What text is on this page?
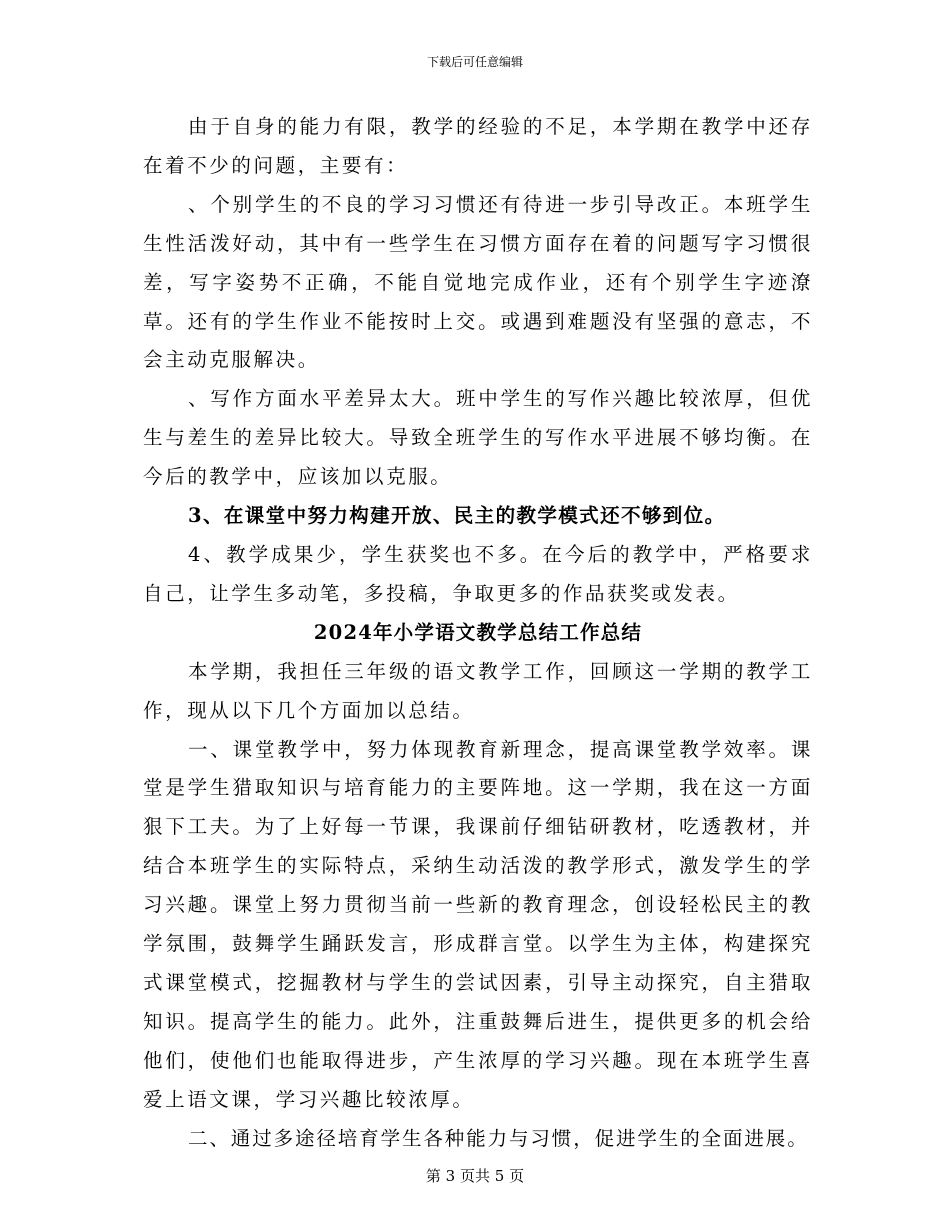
下载后可任意编辑

由于自身的能力有限，教学的经验的不足，本学期在教学中还存在着不少的问题，主要有：

、个别学生的不良的学习习惯还有待进一步引导改正。本班学生生性活泼好动，其中有一些学生在习惯方面存在着的问题写字习惯很差，写字姿势不正确，不能自觉地完成作业，还有个别学生字迹潦草。还有的学生作业不能按时上交。或遇到难题没有坚强的意志，不会主动克服解决。

、写作方面水平差异太大。班中学生的写作兴趣比较浓厚，但优生与差生的差异比较大。导致全班学生的写作水平进展不够均衡。在今后的教学中，应该加以克服。

3、在课堂中努力构建开放、民主的教学模式还不够到位。

4、教学成果少，学生获奖也不多。在今后的教学中，严格要求自己，让学生多动笔，多投稿，争取更多的作品获奖或发表。

2024年小学语文教学总结工作总结

本学期，我担任三年级的语文教学工作，回顾这一学期的教学工作，现从以下几个方面加以总结。

一、课堂教学中，努力体现教育新理念，提高课堂教学效率。课堂是学生猎取知识与培育能力的主要阵地。这一学期，我在这一方面狠下工夫。为了上好每一节课，我课前仔细钻研教材，吃透教材，并结合本班学生的实际特点，采纳生动活泼的教学形式，激发学生的学习兴趣。课堂上努力贯彻当前一些新的教育理念，创设轻松民主的教学氛围，鼓舞学生踊跃发言，形成群言堂。以学生为主体，构建探究式课堂模式，挖掘教材与学生的尝试因素，引导主动探究，自主猎取知识。提高学生的能力。此外，注重鼓舞后进生，提供更多的机会给他们，使他们也能取得进步，产生浓厚的学习兴趣。现在本班学生喜爱上语文课，学习兴趣比较浓厚。

二、通过多途径培育学生各种能力与习惯，促进学生的全面进展。

第 3 页共 5 页
